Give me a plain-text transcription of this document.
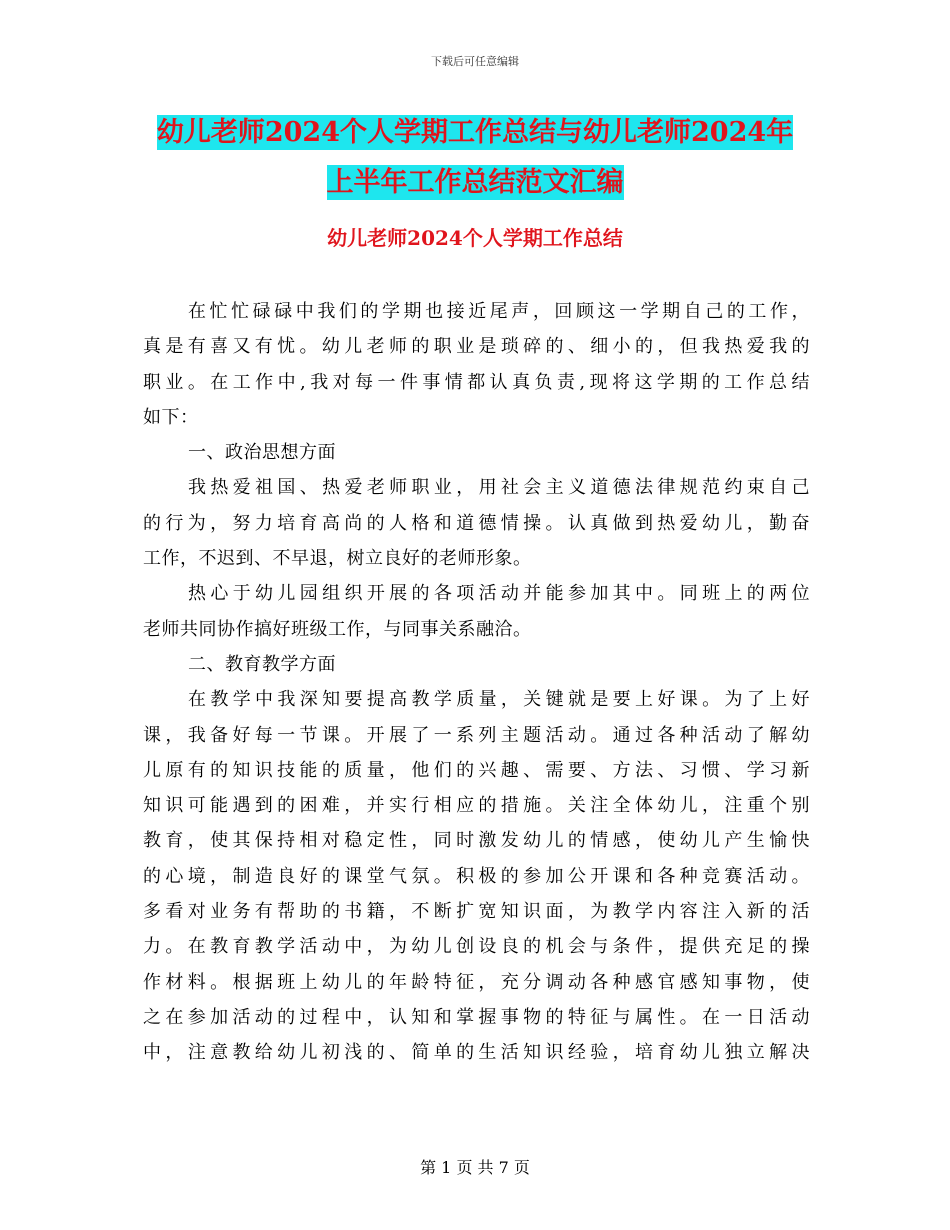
下载后可任意编辑
幼儿老师2024个人学期工作总结与幼儿老师2024年
上半年工作总结范文汇编
幼儿老师2024个人学期工作总结
在忙忙碌碌中我们的学期也接近尾声，回顾这一学期自己的工作，
真是有喜又有忧。幼儿老师的职业是琐碎的、细小的，但我热爱我的
职业。在工作中,我对每一件事情都认真负责,现将这学期的工作总结
如下：
一、政治思想方面
我热爱祖国、热爱老师职业，用社会主义道德法律规范约束自己
的行为，努力培育高尚的人格和道德情操。认真做到热爱幼儿，勤奋
工作，不迟到、不早退，树立良好的老师形象。
热心于幼儿园组织开展的各项活动并能参加其中。同班上的两位
老师共同协作搞好班级工作，与同事关系融洽。
二、教育教学方面
在教学中我深知要提高教学质量，关键就是要上好课。为了上好
课，我备好每一节课。开展了一系列主题活动。通过各种活动了解幼
儿原有的知识技能的质量，他们的兴趣、需要、方法、习惯、学习新
知识可能遇到的困难，并实行相应的措施。关注全体幼儿，注重个别
教育，使其保持相对稳定性，同时激发幼儿的情感，使幼儿产生愉快
的心境，制造良好的课堂气氛。积极的参加公开课和各种竞赛活动。
多看对业务有帮助的书籍，不断扩宽知识面，为教学内容注入新的活
力。在教育教学活动中，为幼儿创设良的机会与条件，提供充足的操
作材料。根据班上幼儿的年龄特征，充分调动各种感官感知事物，使
之在参加活动的过程中，认知和掌握事物的特征与属性。在一日活动
中，注意教给幼儿初浅的、简单的生活知识经验，培育幼儿独立解决
第 1 页 共 7 页
